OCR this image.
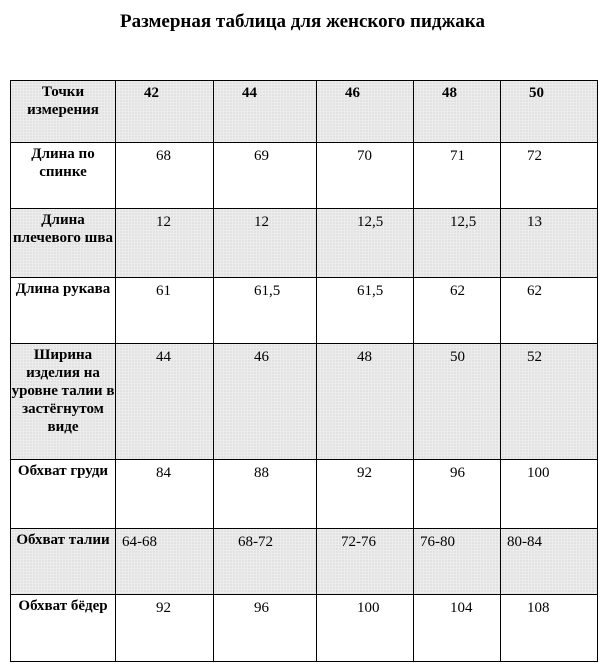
Размерная таблица для женского пиджака
Точки измерения	42	44	46	48	50
Длина по спинке	68	69	70	71	72
Длина плечевого шва	12	12	12,5	12,5	13
Длина рукава	61	61,5	61,5	62	62
Ширина изделия на уровне талии в застёгнутом виде	44	46	48	50	52
Обхват груди	84	88	92	96	100
Обхват талии	64-68	68-72	72-76	76-80	80-84
Обхват бёдер	92	96	100	104	108
